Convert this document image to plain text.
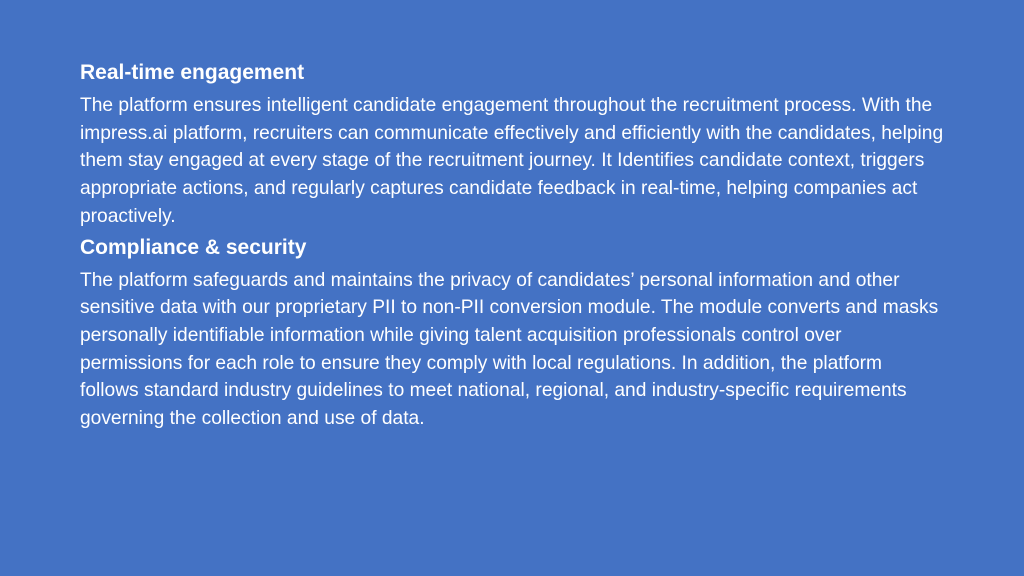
Real-time engagement
The platform ensures intelligent candidate engagement throughout the recruitment process. With the impress.ai platform, recruiters can communicate effectively and efficiently with the candidates, helping them stay engaged at every stage of the recruitment journey. It Identifies candidate context, triggers appropriate actions, and regularly captures candidate feedback in real-time, helping companies act proactively.
Compliance & security
The platform safeguards and maintains the privacy of candidates’ personal information and other sensitive data with our proprietary PII to non-PII conversion module. The module converts and masks personally identifiable information while giving talent acquisition professionals control over permissions for each role to ensure they comply with local regulations. In addition, the platform follows standard industry guidelines to meet national, regional, and industry-specific requirements governing the collection and use of data.
